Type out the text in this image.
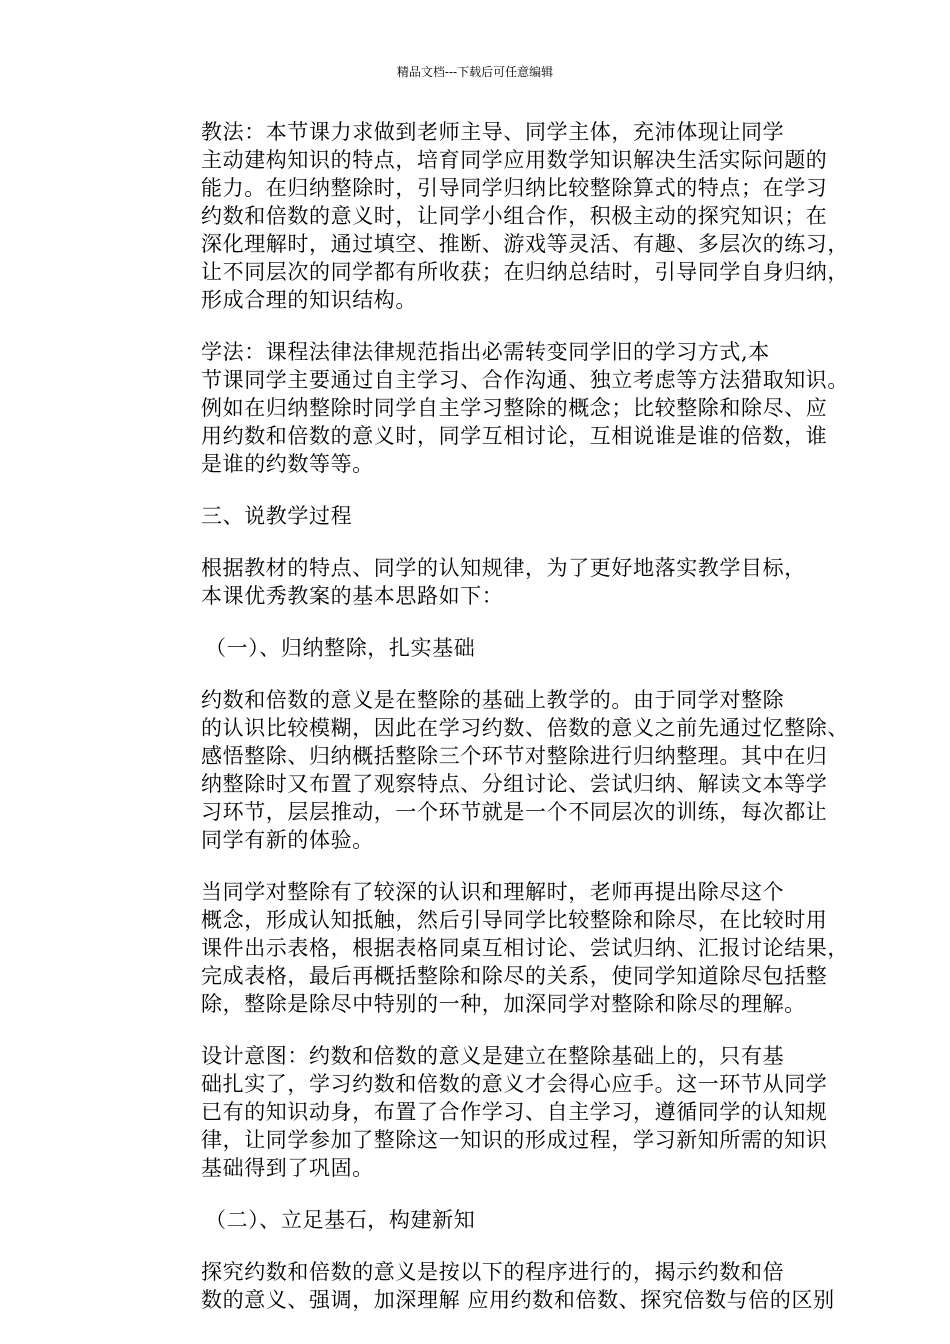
精品文档---下载后可任意编辑

教法：本节课力求做到老师主导、同学主体，充沛体现让同学
主动建构知识的特点，培育同学应用数学知识解决生活实际问题的
能力。在归纳整除时，引导同学归纳比较整除算式的特点；在学习
约数和倍数的意义时，让同学小组合作，积极主动的探究知识；在
深化理解时，通过填空、推断、游戏等灵活、有趣、多层次的练习，
让不同层次的同学都有所收获；在归纳总结时，引导同学自身归纳，
形成合理的知识结构。

学法：课程法律法律规范指出必需转变同学旧的学习方式,本
节课同学主要通过自主学习、合作沟通、独立考虑等方法猎取知识。
例如在归纳整除时同学自主学习整除的概念；比较整除和除尽、应
用约数和倍数的意义时，同学互相讨论，互相说谁是谁的倍数，谁
是谁的约数等等。

三、说教学过程

根据教材的特点、同学的认知规律，为了更好地落实教学目标，
本课优秀教案的基本思路如下：

（一）、归纳整除，扎实基础

约数和倍数的意义是在整除的基础上教学的。由于同学对整除
的认识比较模糊，因此在学习约数、倍数的意义之前先通过忆整除、
感悟整除、归纳概括整除三个环节对整除进行归纳整理。其中在归
纳整除时又布置了观察特点、分组讨论、尝试归纳、解读文本等学
习环节，层层推动，一个环节就是一个不同层次的训练，每次都让
同学有新的体验。

当同学对整除有了较深的认识和理解时，老师再提出除尽这个
概念，形成认知抵触，然后引导同学比较整除和除尽，在比较时用
课件出示表格，根据表格同桌互相讨论、尝试归纳、汇报讨论结果，
完成表格，最后再概括整除和除尽的关系，使同学知道除尽包括整
除，整除是除尽中特别的一种，加深同学对整除和除尽的理解。

设计意图：约数和倍数的意义是建立在整除基础上的，只有基
础扎实了，学习约数和倍数的意义才会得心应手。这一环节从同学
已有的知识动身，布置了合作学习、自主学习，遵循同学的认知规
律，让同学参加了整除这一知识的形成过程，学习新知所需的知识
基础得到了巩固。

（二）、立足基石，构建新知

探究约数和倍数的意义是按以下的程序进行的，揭示约数和倍
数的意义、强调，加深理解 应用约数和倍数、探究倍数与倍的区别
